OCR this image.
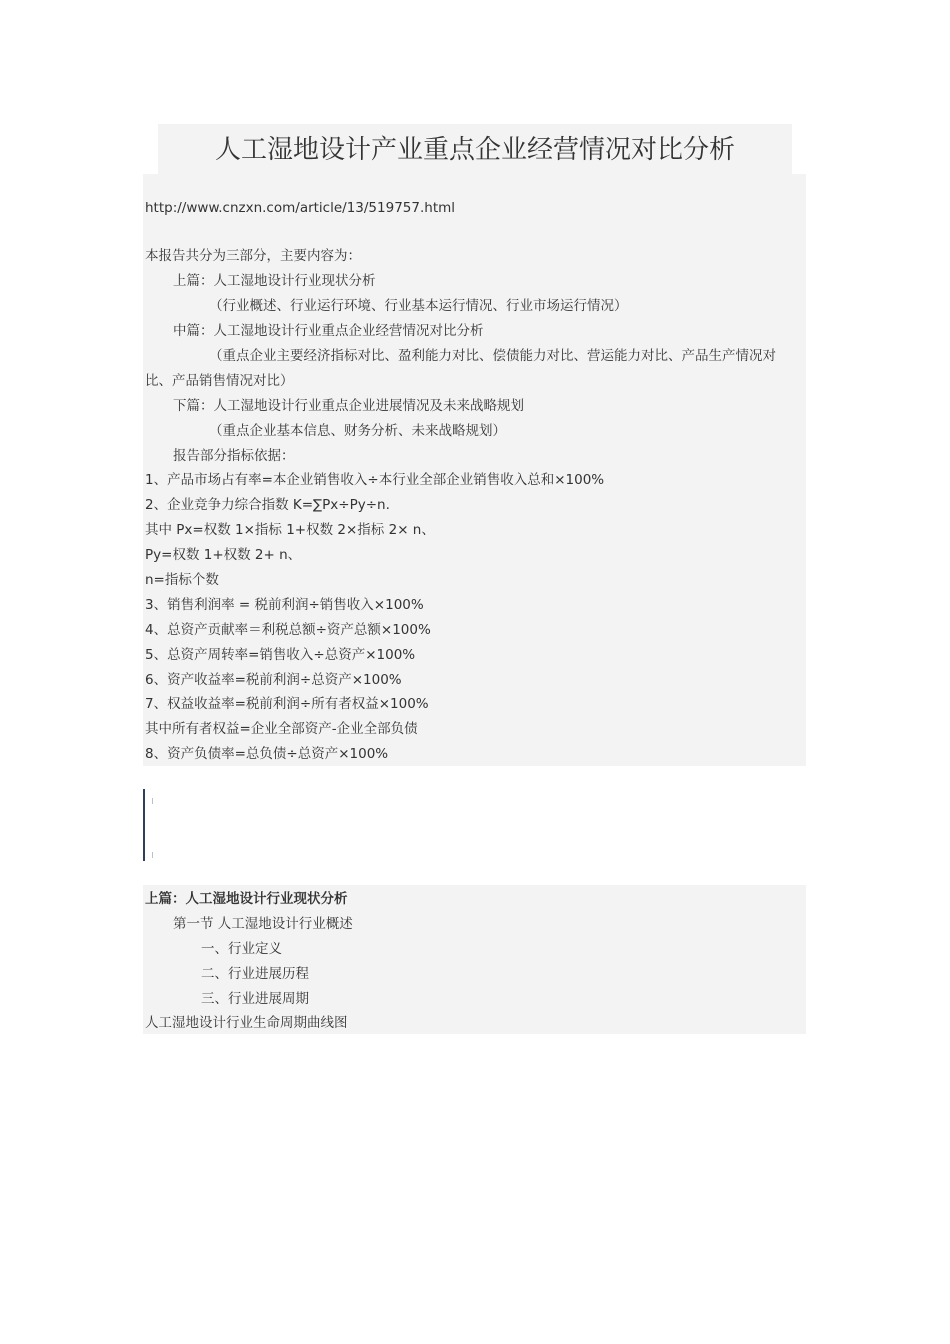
人工湿地设计产业重点企业经营情况对比分析
http://www.cnzxn.com/article/13/519757.html
本报告共分为三部分，主要内容为：
上篇：人工湿地设计行业现状分析
（行业概述、行业运行环境、行业基本运行情况、行业市场运行情况）
中篇：人工湿地设计行业重点企业经营情况对比分析
（重点企业主要经济指标对比、盈利能力对比、偿债能力对比、营运能力对比、产品生产情况对
比、产品销售情况对比）
下篇：人工湿地设计行业重点企业进展情况及未来战略规划
（重点企业基本信息、财务分析、未来战略规划）
报告部分指标依据：
1、产品市场占有率=本企业销售收入÷本行业全部企业销售收入总和×100%
2、企业竞争力综合指数 K=∑Px÷Py÷n.
其中 Px=权数 1×指标 1+权数 2×指标 2× n、
Py=权数 1+权数 2+ n、
n=指标个数
3、销售利润率 = 税前利润÷销售收入×100%
4、总资产贡献率＝利税总额÷资产总额×100%
5、总资产周转率=销售收入÷总资产×100%
6、资产收益率=税前利润÷总资产×100%
7、权益收益率=税前利润÷所有者权益×100%
其中所有者权益=企业全部资产-企业全部负债
8、资产负债率=总负债÷总资产×100%
上篇：人工湿地设计行业现状分析
第一节 人工湿地设计行业概述
一、行业定义
二、行业进展历程
三、行业进展周期
人工湿地设计行业生命周期曲线图
